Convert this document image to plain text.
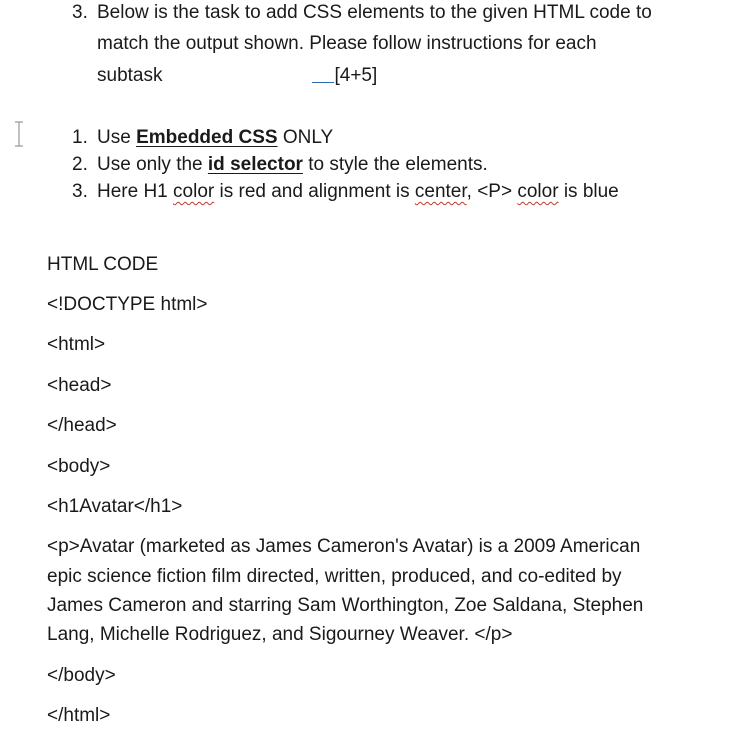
3. Below is the task to add CSS elements to the given HTML code to
match the output shown. Please follow instructions for each
subtask	[4+5]
1. Use Embedded CSS ONLY
2. Use only the id selector to style the elements.
3. Here H1 color is red and alignment is center, <P> color is blue
HTML CODE
<!DOCTYPE html>
<html>
<head>
</head>
<body>
<h1Avatar</h1>
<p>Avatar (marketed as James Cameron's Avatar) is a 2009 American
epic science fiction film directed, written, produced, and co-edited by
James Cameron and starring Sam Worthington, Zoe Saldana, Stephen
Lang, Michelle Rodriguez, and Sigourney Weaver. </p>
</body>
</html>
